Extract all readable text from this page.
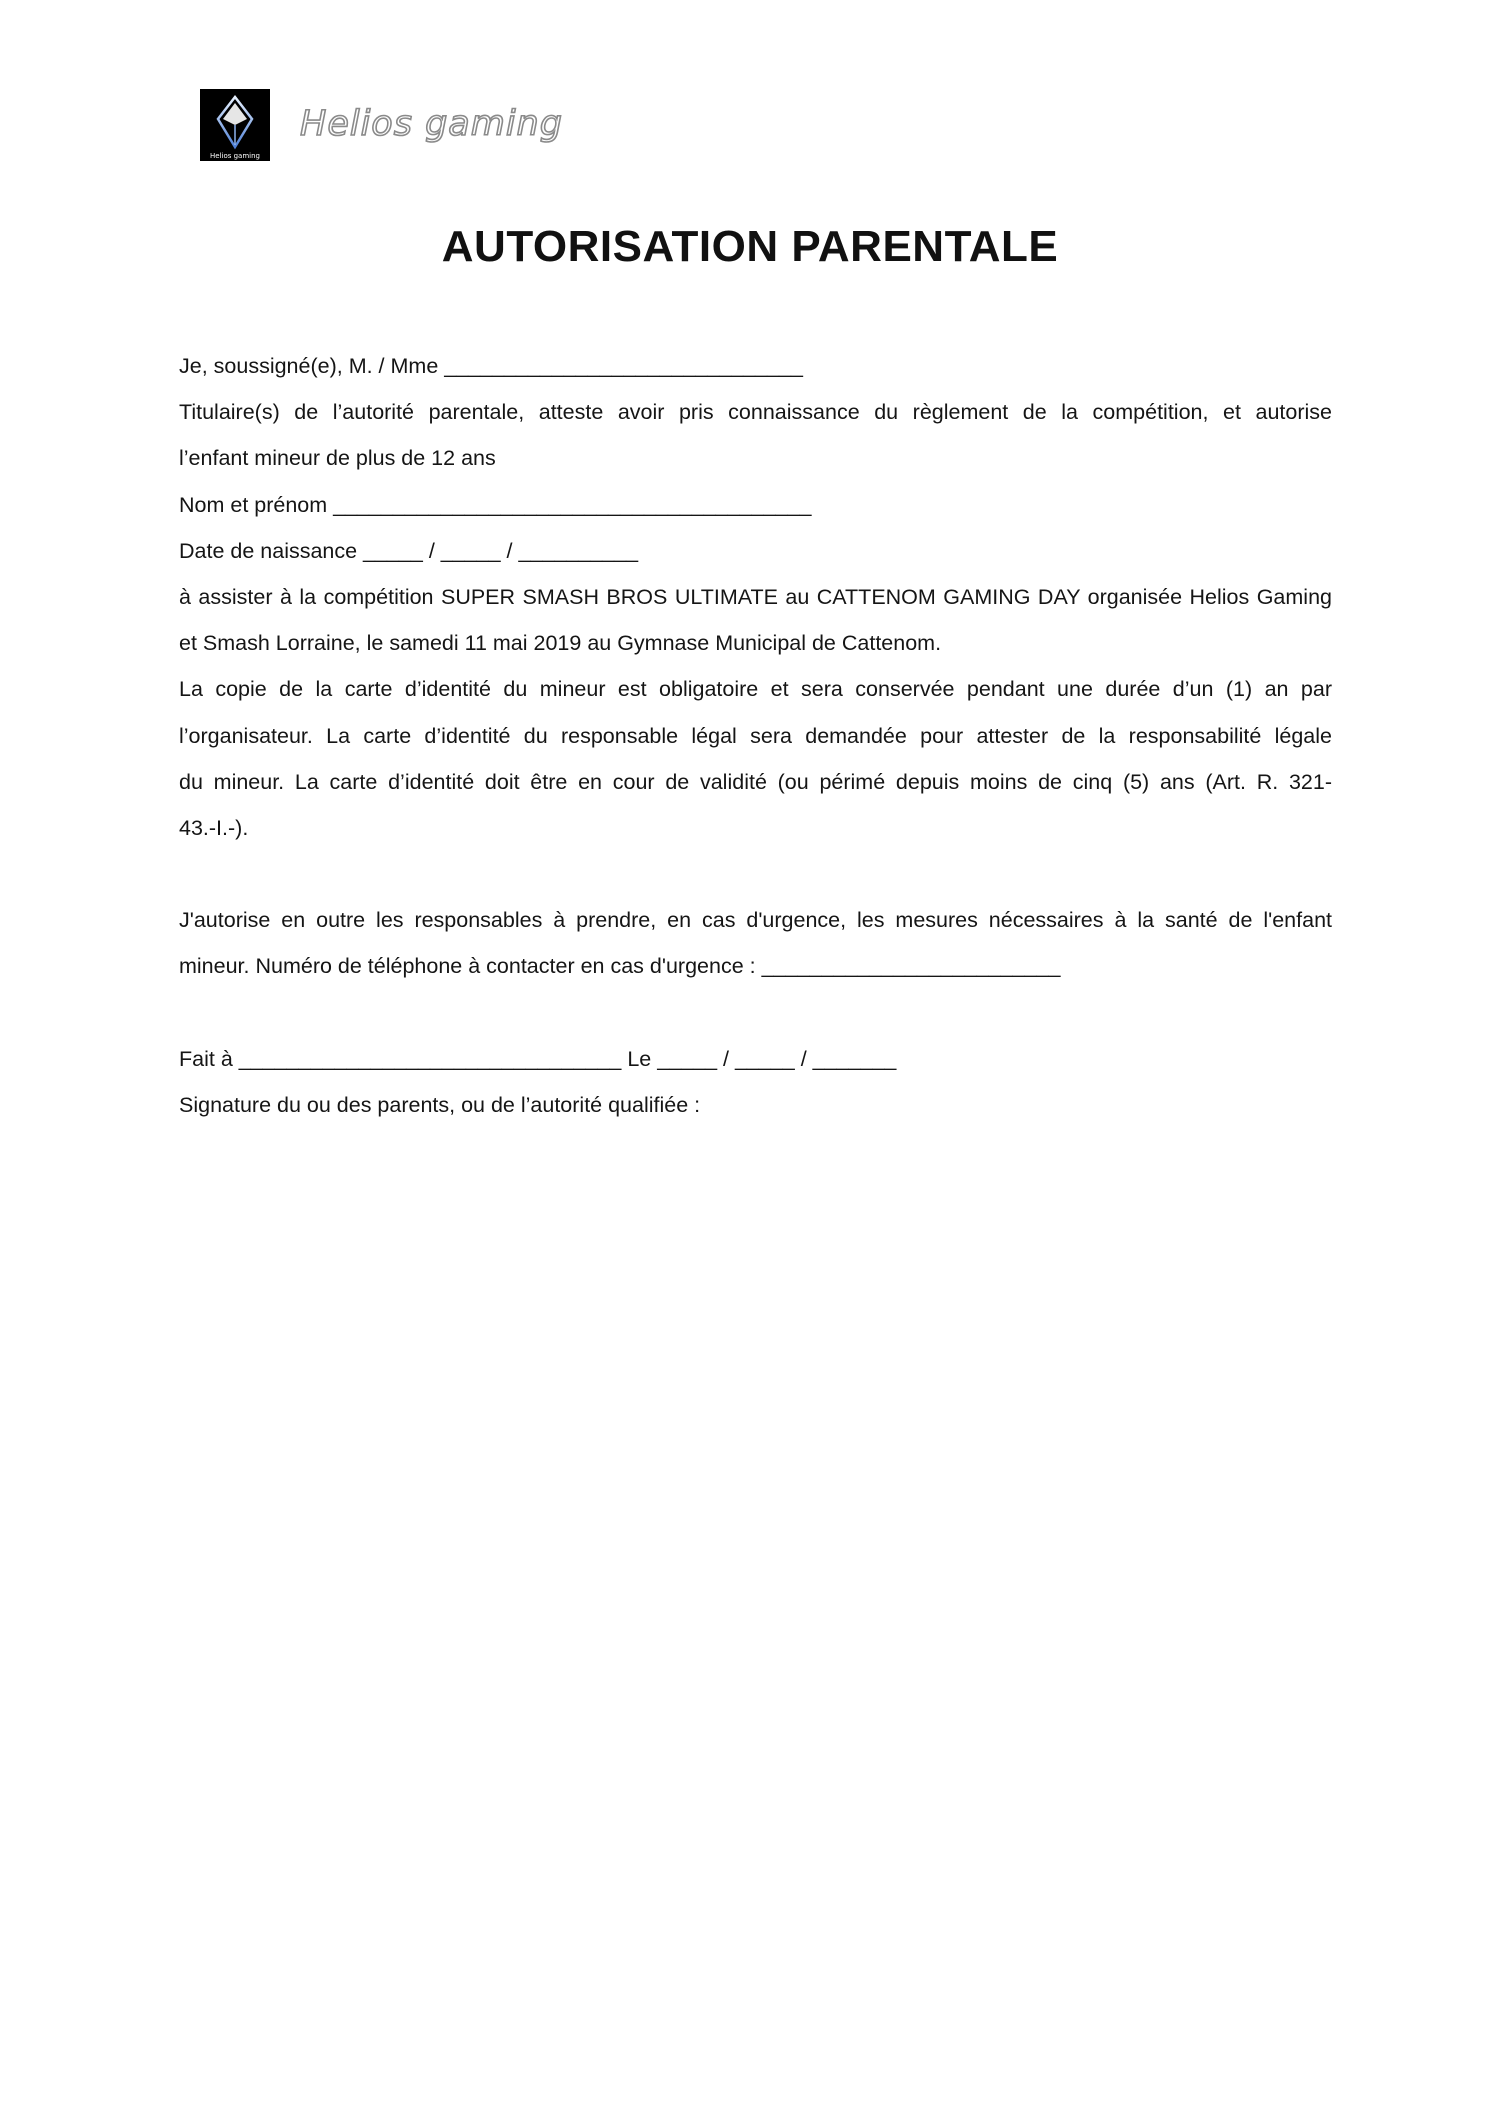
Helios gaming
Helios gaming
AUTORISATION PARENTALE
Je, soussigné(e), M. / Mme ______________________________
Titulaire(s) de l’autorité parentale, atteste avoir pris connaissance du règlement de la compétition, et autorise
l’enfant mineur de plus de 12 ans
Nom et prénom ________________________________________
Date de naissance _____ / _____ / __________
à assister à la compétition SUPER SMASH BROS ULTIMATE au CATTENOM GAMING DAY organisée Helios Gaming
et Smash Lorraine, le samedi 11 mai 2019 au Gymnase Municipal de Cattenom.
La copie de la carte d’identité du mineur est obligatoire et sera conservée pendant une durée d’un (1) an par
l’organisateur. La carte d’identité du responsable légal sera demandée pour attester de la responsabilité légale
du mineur. La carte d’identité doit être en cour de validité (ou périmé depuis moins de cinq (5) ans (Art. R. 321-
43.-I.-).
J'autorise en outre les responsables à prendre, en cas d'urgence, les mesures nécessaires à la santé de l'enfant
mineur. Numéro de téléphone à contacter en cas d'urgence : _________________________
Fait à ________________________________ Le _____ / _____ / _______
Signature du ou des parents, ou de l’autorité qualifiée :
